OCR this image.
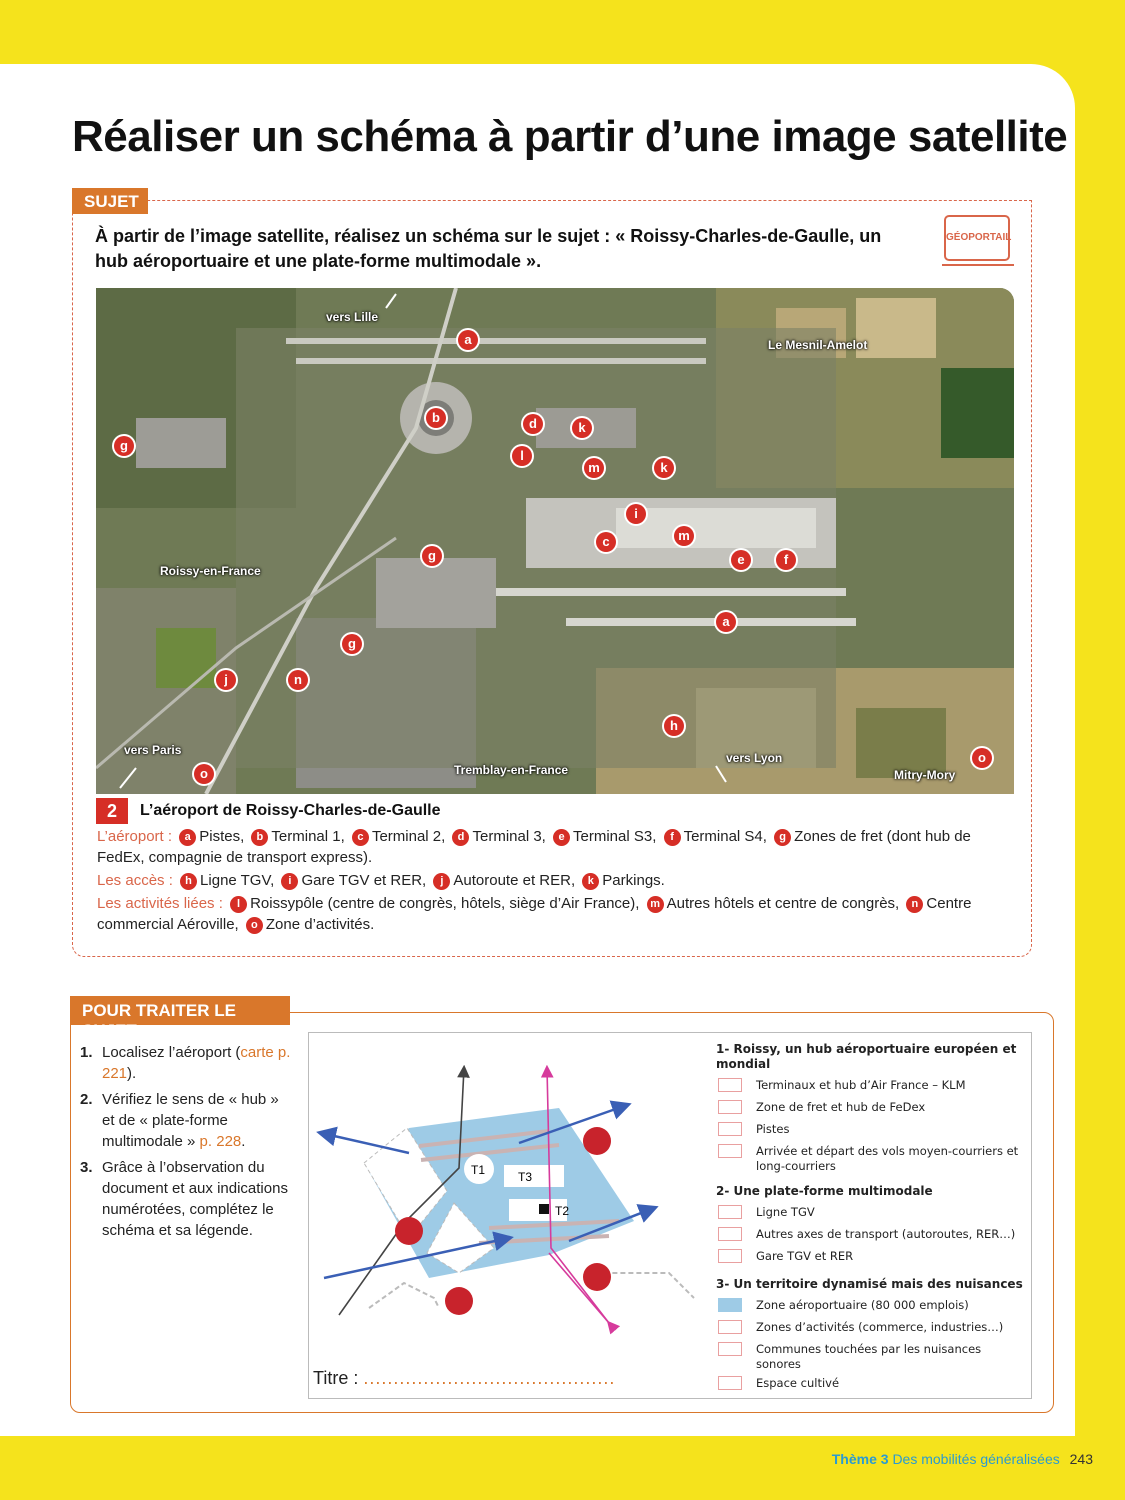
Réaliser un schéma à partir d’une image satellite
SUJET

À partir de l’image satellite, réalisez un schéma sur le sujet : « Roissy-Charles-de-Gaulle, un hub aéroportuaire et une plate-forme multimodale ».

GÉOPORTAIL
vers Lille
Le Mesnil-Amelot
Roissy-en-France
vers Paris
Tremblay-en-France
vers Lyon
Mitry-Mory
a
a
b
c
d
e	f
g
g
g
h
i
j
k
k
l
m
m
n
o
o
2	L’aéroport de Roissy-Charles-de-Gaulle

L’aéroport : a Pistes, b Terminal 1, c Terminal 2, d Terminal 3, e Terminal S3, f Terminal S4, g Zones de fret (dont hub de FedEx, compagnie de transport express).

Les accès : h Ligne TGV, i Gare TGV et RER, j Autoroute et RER, k Parkings.

Les activités liées : l Roissypôle (centre de congrès, hôtels, siège d’Air France), m Autres hôtels et centre de congrès, n Centre commercial Aéroville, o Zone d’activités.

POUR TRAITER LE SUJET
1. Localisez l’aéroport (carte p. 221).
2. Vérifiez le sens de « hub » et de « plate-forme multimodale » p. 228.
3. Grâce à l’observation du document et aux indications numérotées, complétez le schéma et sa légende.
T1	T3
T2
Titre : ..........................................
1- Roissy, un hub aéroportuaire européen et mondial
Terminaux et hub d’Air France – KLM
Zone de fret et hub de FeDex
Pistes
Arrivée et départ des vols moyen-courriers et long-courriers
2- Une plate-forme multimodale
Ligne TGV
Autres axes de transport (autoroutes, RER…)
Gare TGV et RER
3- Un territoire dynamisé mais des nuisances
Zone aéroportuaire (80 000 emplois)
Zones d’activités (commerce, industries…)
Communes touchées par les nuisances sonores
Espace cultivé
Thème 3 Des mobilités généralisées 243
